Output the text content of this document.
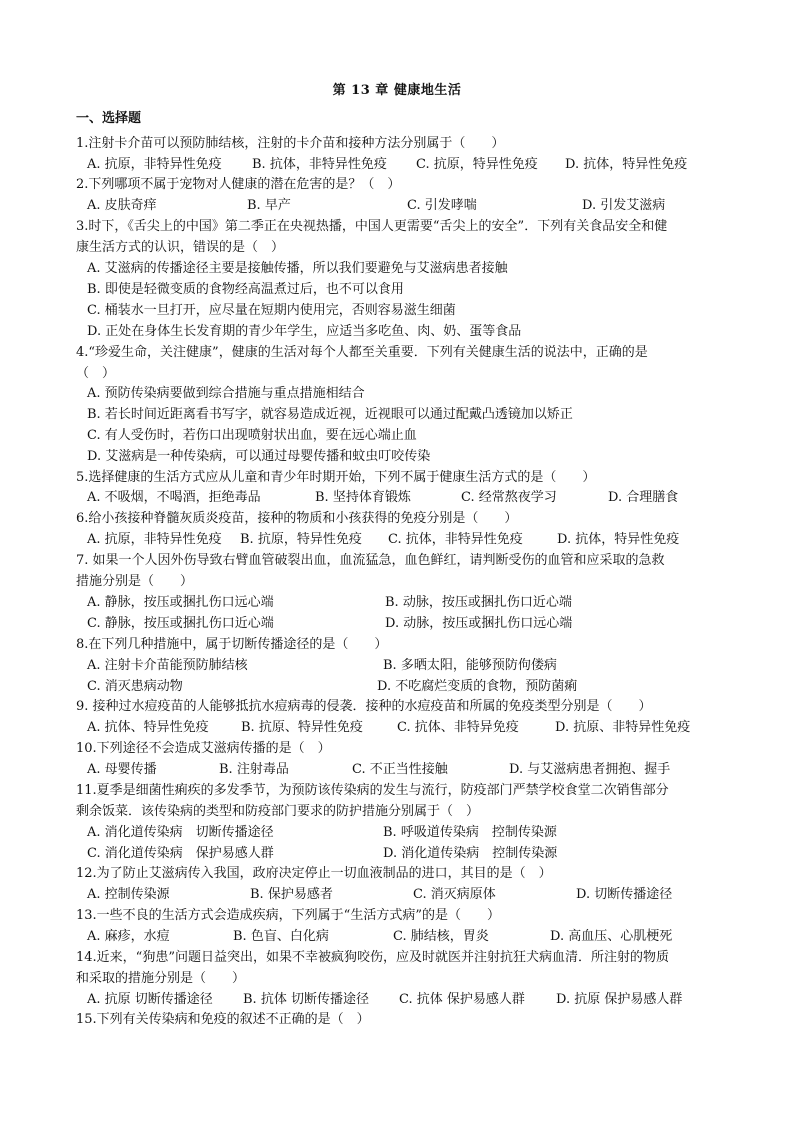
第 13 章 健康地生活
一、选择题
1.注射卡介苗可以预防肺结核，注射的卡介苗和接种方法分别属于（　　）
A. 抗原，非特异性免疫 B. 抗体，非特异性免疫 C. 抗原，特异性免疫 D. 抗体，特异性免疫
2.下列哪项不属于宠物对人健康的潜在危害的是？（　）
A. 皮肤奇痒	B. 早产	C. 引发哮喘	D. 引发艾滋病
3.时下，《舌尖上的中国》第二季正在央视热播，中国人更需要“舌尖上的安全”．下列有关食品安全和健
康生活方式的认识，错误的是（　）
A. 艾滋病的传播途径主要是接触传播，所以我们要避免与艾滋病患者接触
B. 即使是轻微变质的食物经高温煮过后，也不可以食用
C. 桶装水一旦打开，应尽量在短期内使用完，否则容易滋生细菌
D. 正处在身体生长发育期的青少年学生，应适当多吃鱼、肉、奶、蛋等食品
4.“珍爱生命，关注健康”，健康的生活对每个人都至关重要．下列有关健康生活的说法中，正确的是
（　）
A. 预防传染病要做到综合措施与重点措施相结合
B. 若长时间近距离看书写字，就容易造成近视，近视眼可以通过配戴凸透镜加以矫正
C. 有人受伤时，若伤口出现喷射状出血，要在远心端止血
D. 艾滋病是一种传染病，可以通过母婴传播和蚊虫叮咬传染
5.选择健康的生活方式应从儿童和青少年时期开始，下列不属于健康生活方式的是（　　）
A. 不吸烟，不喝酒，拒绝毒品	B. 坚持体育锻炼	C. 经常熬夜学习	D. 合理膳食
6.给小孩接种脊髓灰质炎疫苗，接种的物质和小孩获得的免疫分别是（　　）
A. 抗原，非特异性免疫 B. 抗原，特异性免疫 C. 抗体，非特异性免疫	D. 抗体，特异性免疫
7. 如果一个人因外伤导致右臂血管破裂出血，血流猛急，血色鲜红，请判断受伤的血管和应采取的急救
措施分别是（　　）
A. 静脉，按压或捆扎伤口远心端	B. 动脉，按压或捆扎伤口近心端
C. 静脉，按压或捆扎伤口近心端	D. 动脉，按压或捆扎伤口远心端
8.在下列几种措施中，属于切断传播途径的是（　　）
A. 注射卡介苗能预防肺结核	B. 多晒太阳，能够预防佝偻病
C. 消灭患病动物	D. 不吃腐烂变质的食物，预防菌痢
9. 接种过水痘疫苗的人能够抵抗水痘病毒的侵袭．接种的水痘疫苗和所属的免疫类型分别是（　　）
A. 抗体、特异性免疫 B. 抗原、特异性免疫	C. 抗体、非特异免疫	D. 抗原、非特异性免疫
10.下列途径不会造成艾滋病传播的是（　）
A. 母婴传播	B. 注射毒品	C. 不正当性接触	D. 与艾滋病患者拥抱、握手
11.夏季是细菌性痢疾的多发季节，为预防该传染病的发生与流行，防疫部门严禁学校食堂二次销售部分
剩余饭菜．该传染病的类型和防疫部门要求的防护措施分别属于（　）
A. 消化道传染病　切断传播途径	B. 呼吸道传染病　控制传染源
C. 消化道传染病　保护易感人群	D. 消化道传染病　控制传染源
12.为了防止艾滋病传入我国，政府决定停止一切血液制品的进口，其目的是（　）
A. 控制传染源	B. 保护易感者	C. 消灭病原体	D. 切断传播途径
13.一些不良的生活方式会造成疾病，下列属于“生活方式病”的是（　　）
A. 麻疹，水痘	B. 色盲、白化病	C. 肺结核，胃炎	D. 高血压、心肌梗死
14.近来，“狗患”问题日益突出，如果不幸被疯狗咬伤，应及时就医并注射抗狂犬病血清．所注射的物质
和采取的措施分别是（　　）
A. 抗原 切断传播途径 B. 抗体 切断传播途径 C. 抗体 保护易感人群 D. 抗原 保护易感人群
15.下列有关传染病和免疫的叙述不正确的是（　）
